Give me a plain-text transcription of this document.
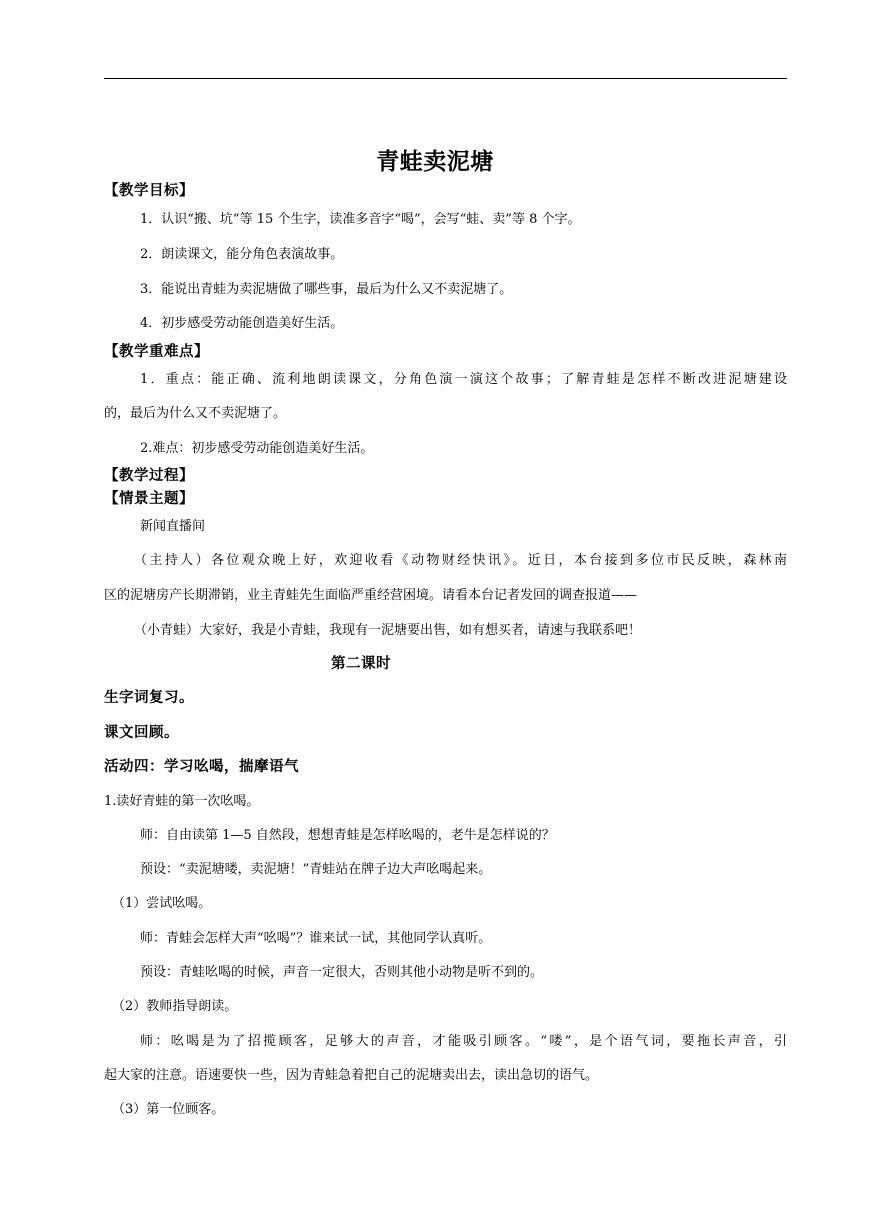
青蛙卖泥塘
【教学目标】
1．认识“搬、坑”等 15 个生字，读准多音字“喝”，会写“蛙、卖”等 8 个字。
2．朗读课文，能分角色表演故事。
3．能说出青蛙为卖泥塘做了哪些事，最后为什么又不卖泥塘了。
4．初步感受劳动能创造美好生活。
【教学重难点】
1．重点：能正确、流利地朗读课文，分角色演一演这个故事；了解青蛙是怎样不断改进泥塘建设
的，最后为什么又不卖泥塘了。
2.难点：初步感受劳动能创造美好生活。
【教学过程】
【情景主题】
新闻直播间
（主持人）各位观众晚上好，欢迎收看《动物财经快讯》。近日，本台接到多位市民反映，森林南
区的泥塘房产长期滞销，业主青蛙先生面临严重经营困境。请看本台记者发回的调查报道——
（小青蛙）大家好，我是小青蛙，我现有一泥塘要出售，如有想买者，请速与我联系吧！
第二课时
生字词复习。
课文回顾。
活动四：学习吆喝，揣摩语气
1.读好青蛙的第一次吆喝。
师：自由读第 1—5 自然段，想想青蛙是怎样吆喝的，老牛是怎样说的？
预设：“卖泥塘喽，卖泥塘！”青蛙站在牌子边大声吆喝起来。
（1）尝试吆喝。
师：青蛙会怎样大声“吆喝”？谁来试一试，其他同学认真听。
预设：青蛙吆喝的时候，声音一定很大，否则其他小动物是听不到的。
（2）教师指导朗读。
师：吆喝是为了招揽顾客，足够大的声音，才能吸引顾客。“喽”，是个语气词，要拖长声音，引
起大家的注意。语速要快一些，因为青蛙急着把自己的泥塘卖出去，读出急切的语气。
（3）第一位顾客。
